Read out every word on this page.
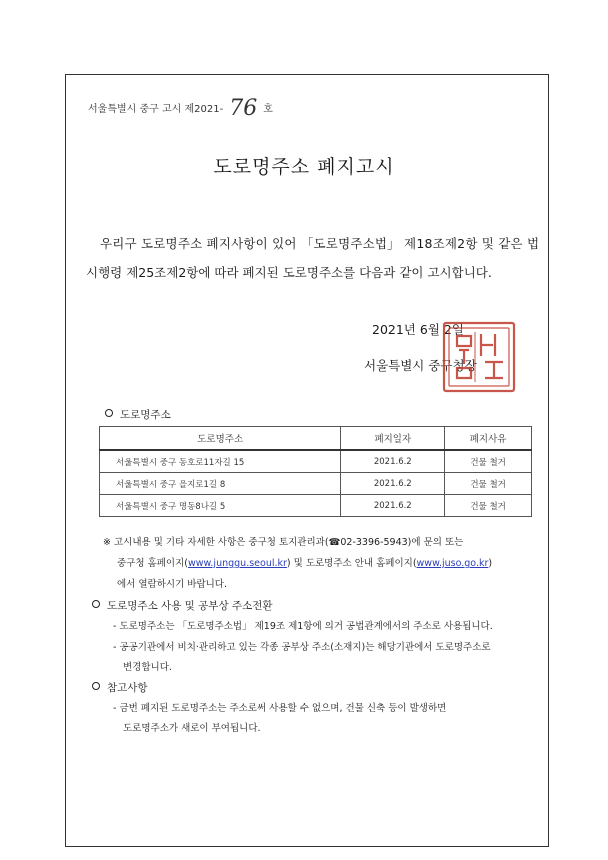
서울특별시 중구 고시 제2021- 76 호
도로명주소 폐지고시
우리구 도로명주소 폐지사항이 있어 「도로명주소법」 제18조제2항 및 같은 법
시행령 제25조제2항에 따라 폐지된 도로명주소를 다음과 같이 고시합니다.
2021년 6월 2일
서울특별시 중구청장
도로명주소
도로명주소	폐지일자	폐지사유
서울특별시 중구 동호로11자길 15	2021.6.2	건물 철거
서울특별시 중구 을지로1길 8	2021.6.2	건물 철거
서울특별시 중구 명동8나길 5	2021.6.2	건물 철거
※ 고시내용 및 기타 자세한 사항은 중구청 토지관리과(☎02-3396-5943)에 문의 또는
중구청 홈페이지(www.junggu.seoul.kr) 및 도로명주소 안내 홈페이지(www.juso.go.kr)
에서 열람하시기 바랍니다.
도로명주소 사용 및 공부상 주소전환
- 도로명주소는 「도로명주소법」 제19조 제1항에 의거 공법관계에서의 주소로 사용됩니다.
- 공공기관에서 비치·관리하고 있는 각종 공부상 주소(소재지)는 해당기관에서 도로명주소로
변경합니다.
참고사항
- 금번 폐지된 도로명주소는 주소로써 사용할 수 없으며, 건물 신축 등이 발생하면
도로명주소가 새로이 부여됩니다.
